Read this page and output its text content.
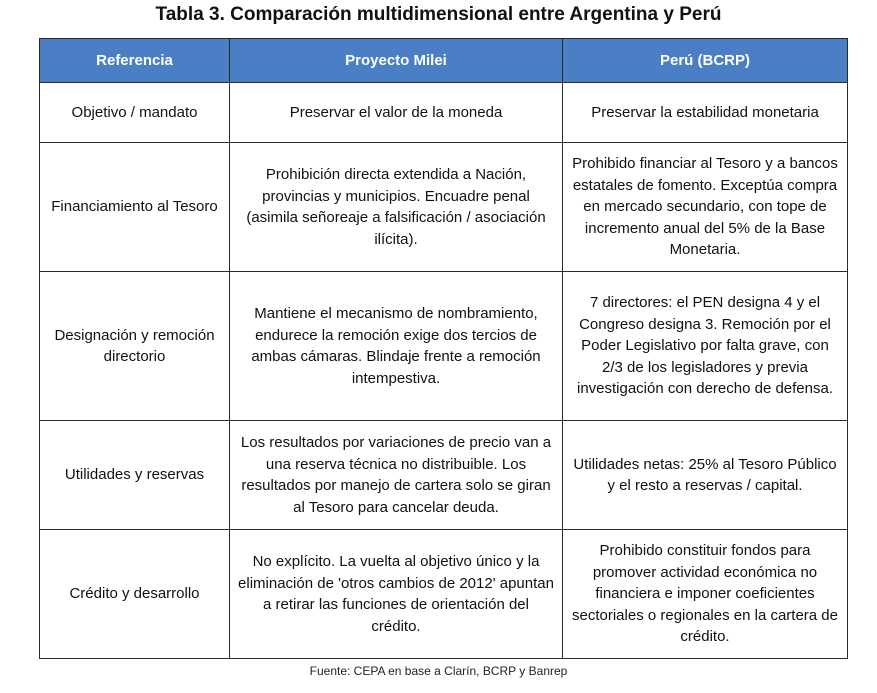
Tabla 3. Comparación multidimensional entre Argentina y Perú
Referencia	Proyecto Milei	Perú (BCRP)
Objetivo / mandato	Preservar el valor de la moneda	Preservar la estabilidad monetaria
Financiamiento al Tesoro	Prohibición directa extendida a Nación, provincias y municipios. Encuadre penal (asimila señoreaje a falsificación / asociación ilícita).	Prohibido financiar al Tesoro y a bancos estatales de fomento. Exceptúa compra en mercado secundario, con tope de incremento anual del 5% de la Base Monetaria.
Designación y remoción directorio	Mantiene el mecanismo de nombramiento, endurece la remoción exige dos tercios de ambas cámaras. Blindaje frente a remoción intempestiva.	7 directores: el PEN designa 4 y el Congreso designa 3. Remoción por el Poder Legislativo por falta grave, con 2/3 de los legisladores y previa investigación con derecho de defensa.
Utilidades y reservas	Los resultados por variaciones de precio van a una reserva técnica no distribuible. Los resultados por manejo de cartera solo se giran al Tesoro para cancelar deuda.	Utilidades netas: 25% al Tesoro Público y el resto a reservas / capital.
Crédito y desarrollo	No explícito. La vuelta al objetivo único y la eliminación de 'otros cambios de 2012' apuntan a retirar las funciones de orientación del crédito.	Prohibido constituir fondos para promover actividad económica no financiera e imponer coeficientes sectoriales o regionales en la cartera de crédito.
Fuente: CEPA en base a Clarín, BCRP y Banrep
